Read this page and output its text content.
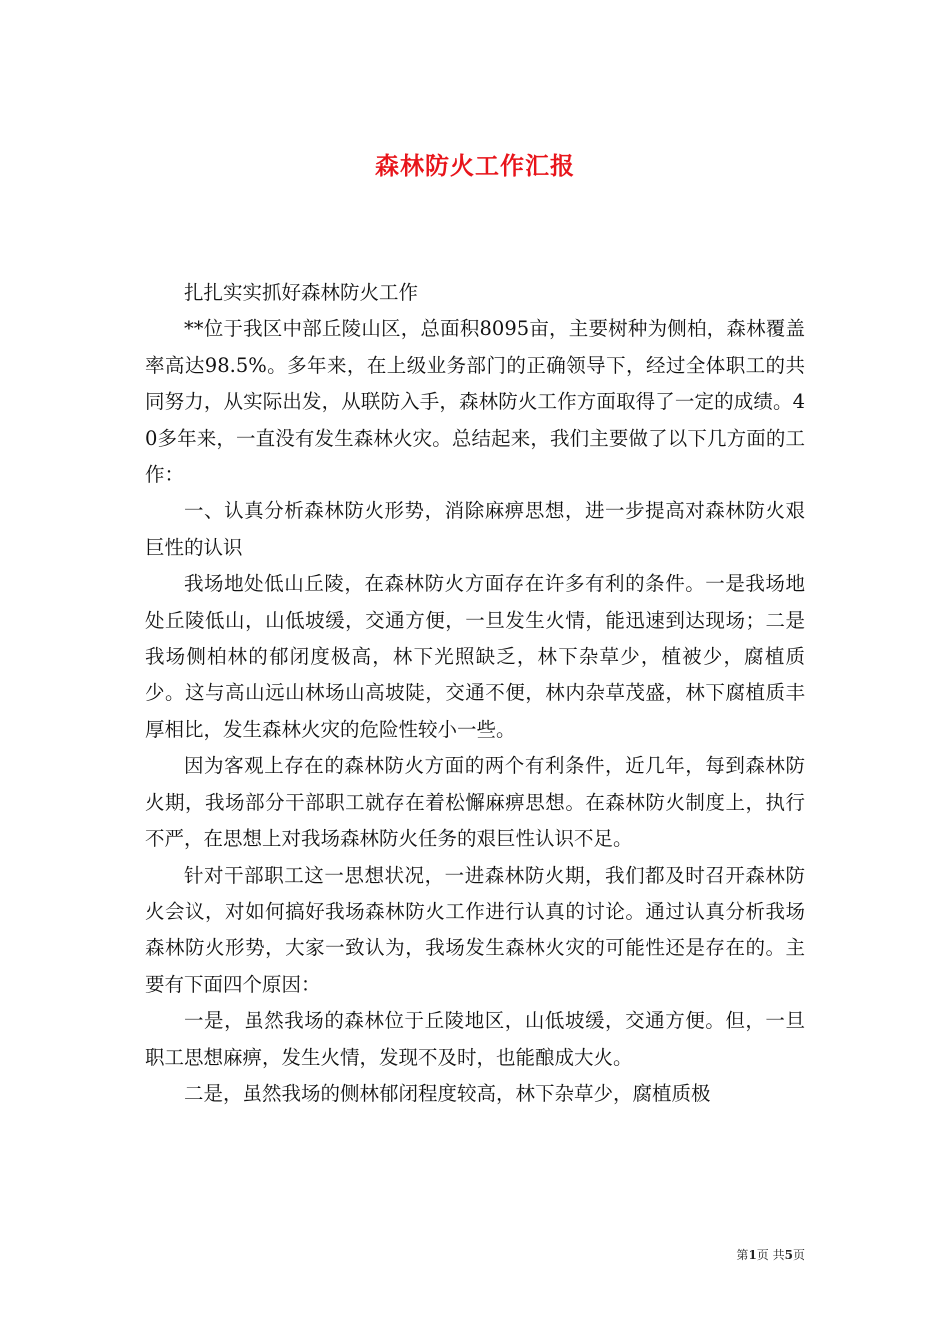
森林防火工作汇报

扎扎实实抓好森林防火工作

**位于我区中部丘陵山区，总面积8095亩，主要树种为侧柏，森林覆盖率高达98.5%。多年来，在上级业务部门的正确领导下，经过全体职工的共同努力，从实际出发，从联防入手，森林防火工作方面取得了一定的成绩。40多年来，一直没有发生森林火灾。总结起来，我们主要做了以下几方面的工作：

一、认真分析森林防火形势，消除麻痹思想，进一步提高对森林防火艰巨性的认识

我场地处低山丘陵，在森林防火方面存在许多有利的条件。一是我场地处丘陵低山，山低坡缓，交通方便，一旦发生火情，能迅速到达现场；二是我场侧柏林的郁闭度极高，林下光照缺乏，林下杂草少，植被少，腐植质少。这与高山远山林场山高坡陡，交通不便，林内杂草茂盛，林下腐植质丰厚相比，发生森林火灾的危险性较小一些。

因为客观上存在的森林防火方面的两个有利条件，近几年，每到森林防火期，我场部分干部职工就存在着松懈麻痹思想。在森林防火制度上，执行不严，在思想上对我场森林防火任务的艰巨性认识不足。

针对干部职工这一思想状况，一进森林防火期，我们都及时召开森林防火会议，对如何搞好我场森林防火工作进行认真的讨论。通过认真分析我场森林防火形势，大家一致认为，我场发生森林火灾的可能性还是存在的。主要有下面四个原因：

一是，虽然我场的森林位于丘陵地区，山低坡缓，交通方便。但，一旦职工思想麻痹，发生火情，发现不及时，也能酿成大火。

二是，虽然我场的侧林郁闭程度较高，林下杂草少，腐植质极

第1页 共5页
